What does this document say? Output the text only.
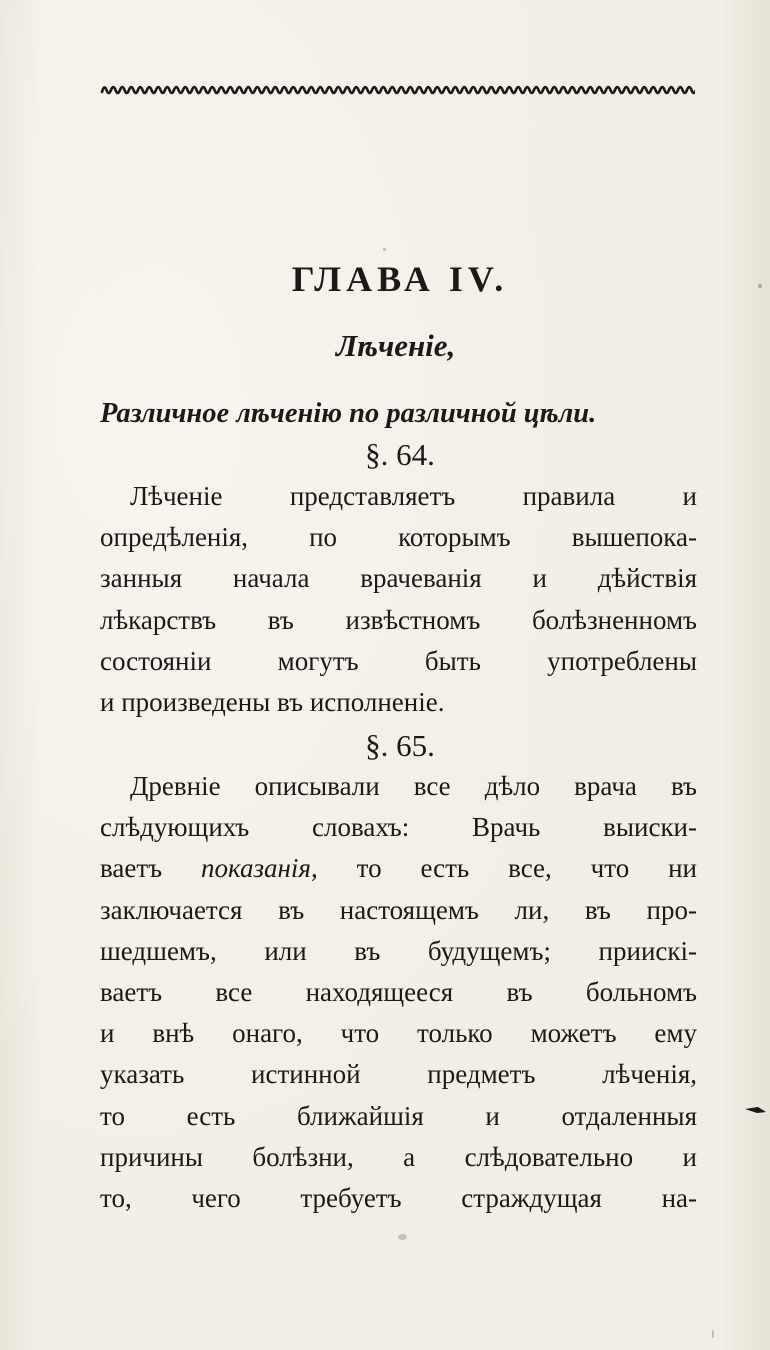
ГЛАВА IV.
Лѣченіе,
Различное лѣченію по различной цѣли.
§. 64.
Лѣченіе представляетъ правила и
опредѣленія, по которымъ вышепока-
занныя начала врачеванія и дѣйствія
лѣкарствъ въ извѣстномъ болѣзненномъ
состояніи могутъ быть употреблены
и произведены въ исполненіе.
§. 65.
Древніе описывали все дѣло врача въ
слѣдующихъ словахъ: Врачь выиски-
ваетъ показанія, то есть все, что ни
заключается въ настоящемъ ли, въ про-
шедшемъ, или въ будущемъ; приискі-
ваетъ все находящееся въ больномъ
и внѣ онаго, что только можетъ ему
указать истинной предметъ лѣченія,
то есть ближайшія и отдаленныя
причины болѣзни, а слѣдовательно и
то, чего требуетъ страждущая на-
